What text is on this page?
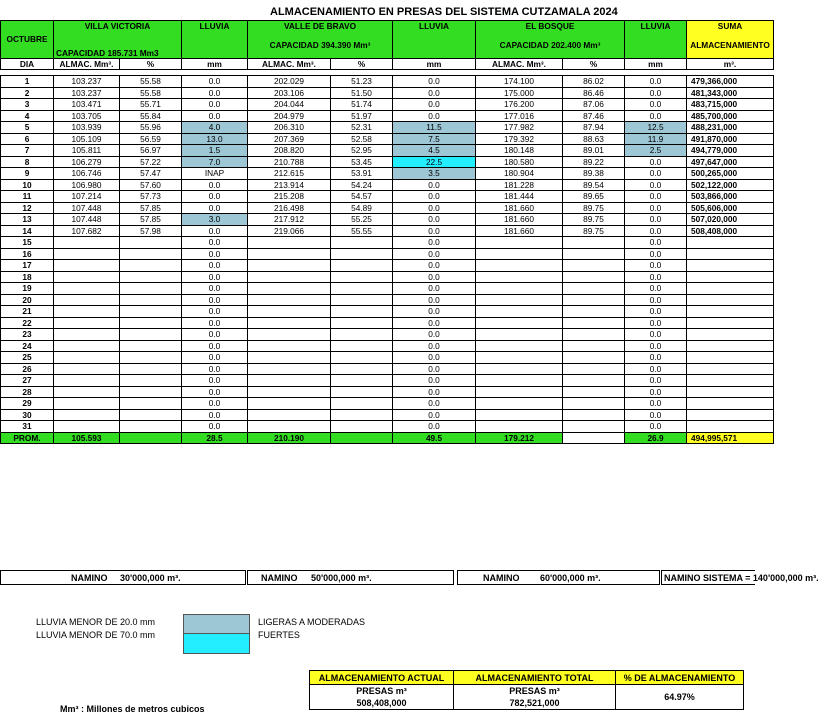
ALMACENAMIENTO EN PRESAS DEL SISTEMA CUTZAMALA 2024
OCTUBRE	VILLA VICTORIA		LLUVIA	VALLE DE BRAVO		LLUVIA	EL BOSQUE		LLUVIA	SUMA
	CAPACIDAD 185.731 Mm3			CAPACIDAD 394.390 Mm³			CAPACIDAD 202.400 Mm³			ALMACENAMIENTO
DIA	ALMAC. Mm³.	%	mm	ALMAC. Mm³.	%	mm	ALMAC. Mm³.	%	mm	m³.

1	103.237	55.58	0.0	202.029	51.23	0.0	174.100	86.02	0.0	479,366,000
2	103.237	55.58	0.0	203.106	51.50	0.0	175.000	86.46	0.0	481,343,000
3	103.471	55.71	0.0	204.044	51.74	0.0	176.200	87.06	0.0	483,715,000
4	103.705	55.84	0.0	204.979	51.97	0.0	177.016	87.46	0.0	485,700,000
5	103.939	55.96	4.0	206.310	52.31	11.5	177.982	87.94	12.5	488,231,000
6	105.109	56.59	13.0	207.369	52.58	7.5	179.392	88.63	11.9	491,870,000
7	105.811	56.97	1.5	208.820	52.95	4.5	180.148	89.01	2.5	494,779,000
8	106.279	57.22	7.0	210.788	53.45	22.5	180.580	89.22	0.0	497,647,000
9	106.746	57.47	INAP	212.615	53.91	3.5	180.904	89.38	0.0	500,265,000
10	106.980	57.60	0.0	213.914	54.24	0.0	181.228	89.54	0.0	502,122,000
11	107.214	57.73	0.0	215.208	54.57	0.0	181.444	89.65	0.0	503,866,000
12	107.448	57.85	0.0	216.498	54.89	0.0	181.660	89.75	0.0	505,606,000
13	107.448	57.85	3.0	217.912	55.25	0.0	181.660	89.75	0.0	507,020,000
14	107.682	57.98	0.0	219.066	55.55	0.0	181.660	89.75	0.0	508,408,000
15			0.0			0.0			0.0	
16			0.0			0.0			0.0	
17			0.0			0.0			0.0	
18			0.0			0.0			0.0	
19			0.0			0.0			0.0	
20			0.0			0.0			0.0	
21			0.0			0.0			0.0	
22			0.0			0.0			0.0	
23			0.0			0.0			0.0	
24			0.0			0.0			0.0	
25			0.0			0.0			0.0	
26			0.0			0.0			0.0	
27			0.0			0.0			0.0	
28			0.0			0.0			0.0	
29			0.0			0.0			0.0	
30			0.0			0.0			0.0	
31			0.0			0.0			0.0	
PROM.	105.593		28.5	210.190		49.5	179.212		26.9	494,995,571
NAMINO 30'000,000 m³.	NAMINO 50'000,000 m³.	NAMINO 60'000,000 m³.	NAMINO SISTEMA = 140'000,000 m³.
LLUVIA MENOR DE 20.0 mm
LLUVIA MENOR DE 70.0 mm
LIGERAS A MODERADAS
FUERTES
ALMACENAMIENTO ACTUAL	ALMACENAMIENTO TOTAL	% DE ALMACENAMIENTO
PRESAS m³	PRESAS m³	64.97%
508,408,000	782,521,000	
Mm³ : Millones de metros cubicos
